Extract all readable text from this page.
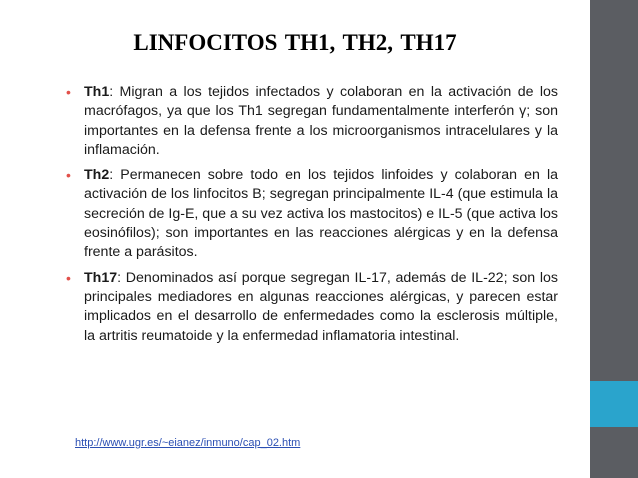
LINFOCITOS TH1, TH2, TH17
• Th1: Migran a los tejidos infectados y colaboran en la activación de los macrófagos, ya que los Th1 segregan fundamentalmente interferón γ; son importantes en la defensa frente a los microorganismos intracelulares y la inflamación.
• Th2: Permanecen sobre todo en los tejidos linfoides y colaboran en la activación de los linfocitos B; segregan principalmente IL-4 (que estimula la secreción de Ig-E, que a su vez activa los mastocitos) e IL-5 (que activa los eosinófilos); son importantes en las reacciones alérgicas y en la defensa frente a parásitos.
• Th17: Denominados así porque segregan IL-17, además de IL-22; son los principales mediadores en algunas reacciones alérgicas, y parecen estar implicados en el desarrollo de enfermedades como la esclerosis múltiple, la artritis reumatoide y la enfermedad inflamatoria intestinal.
http://www.ugr.es/~eianez/inmuno/cap_02.htm
